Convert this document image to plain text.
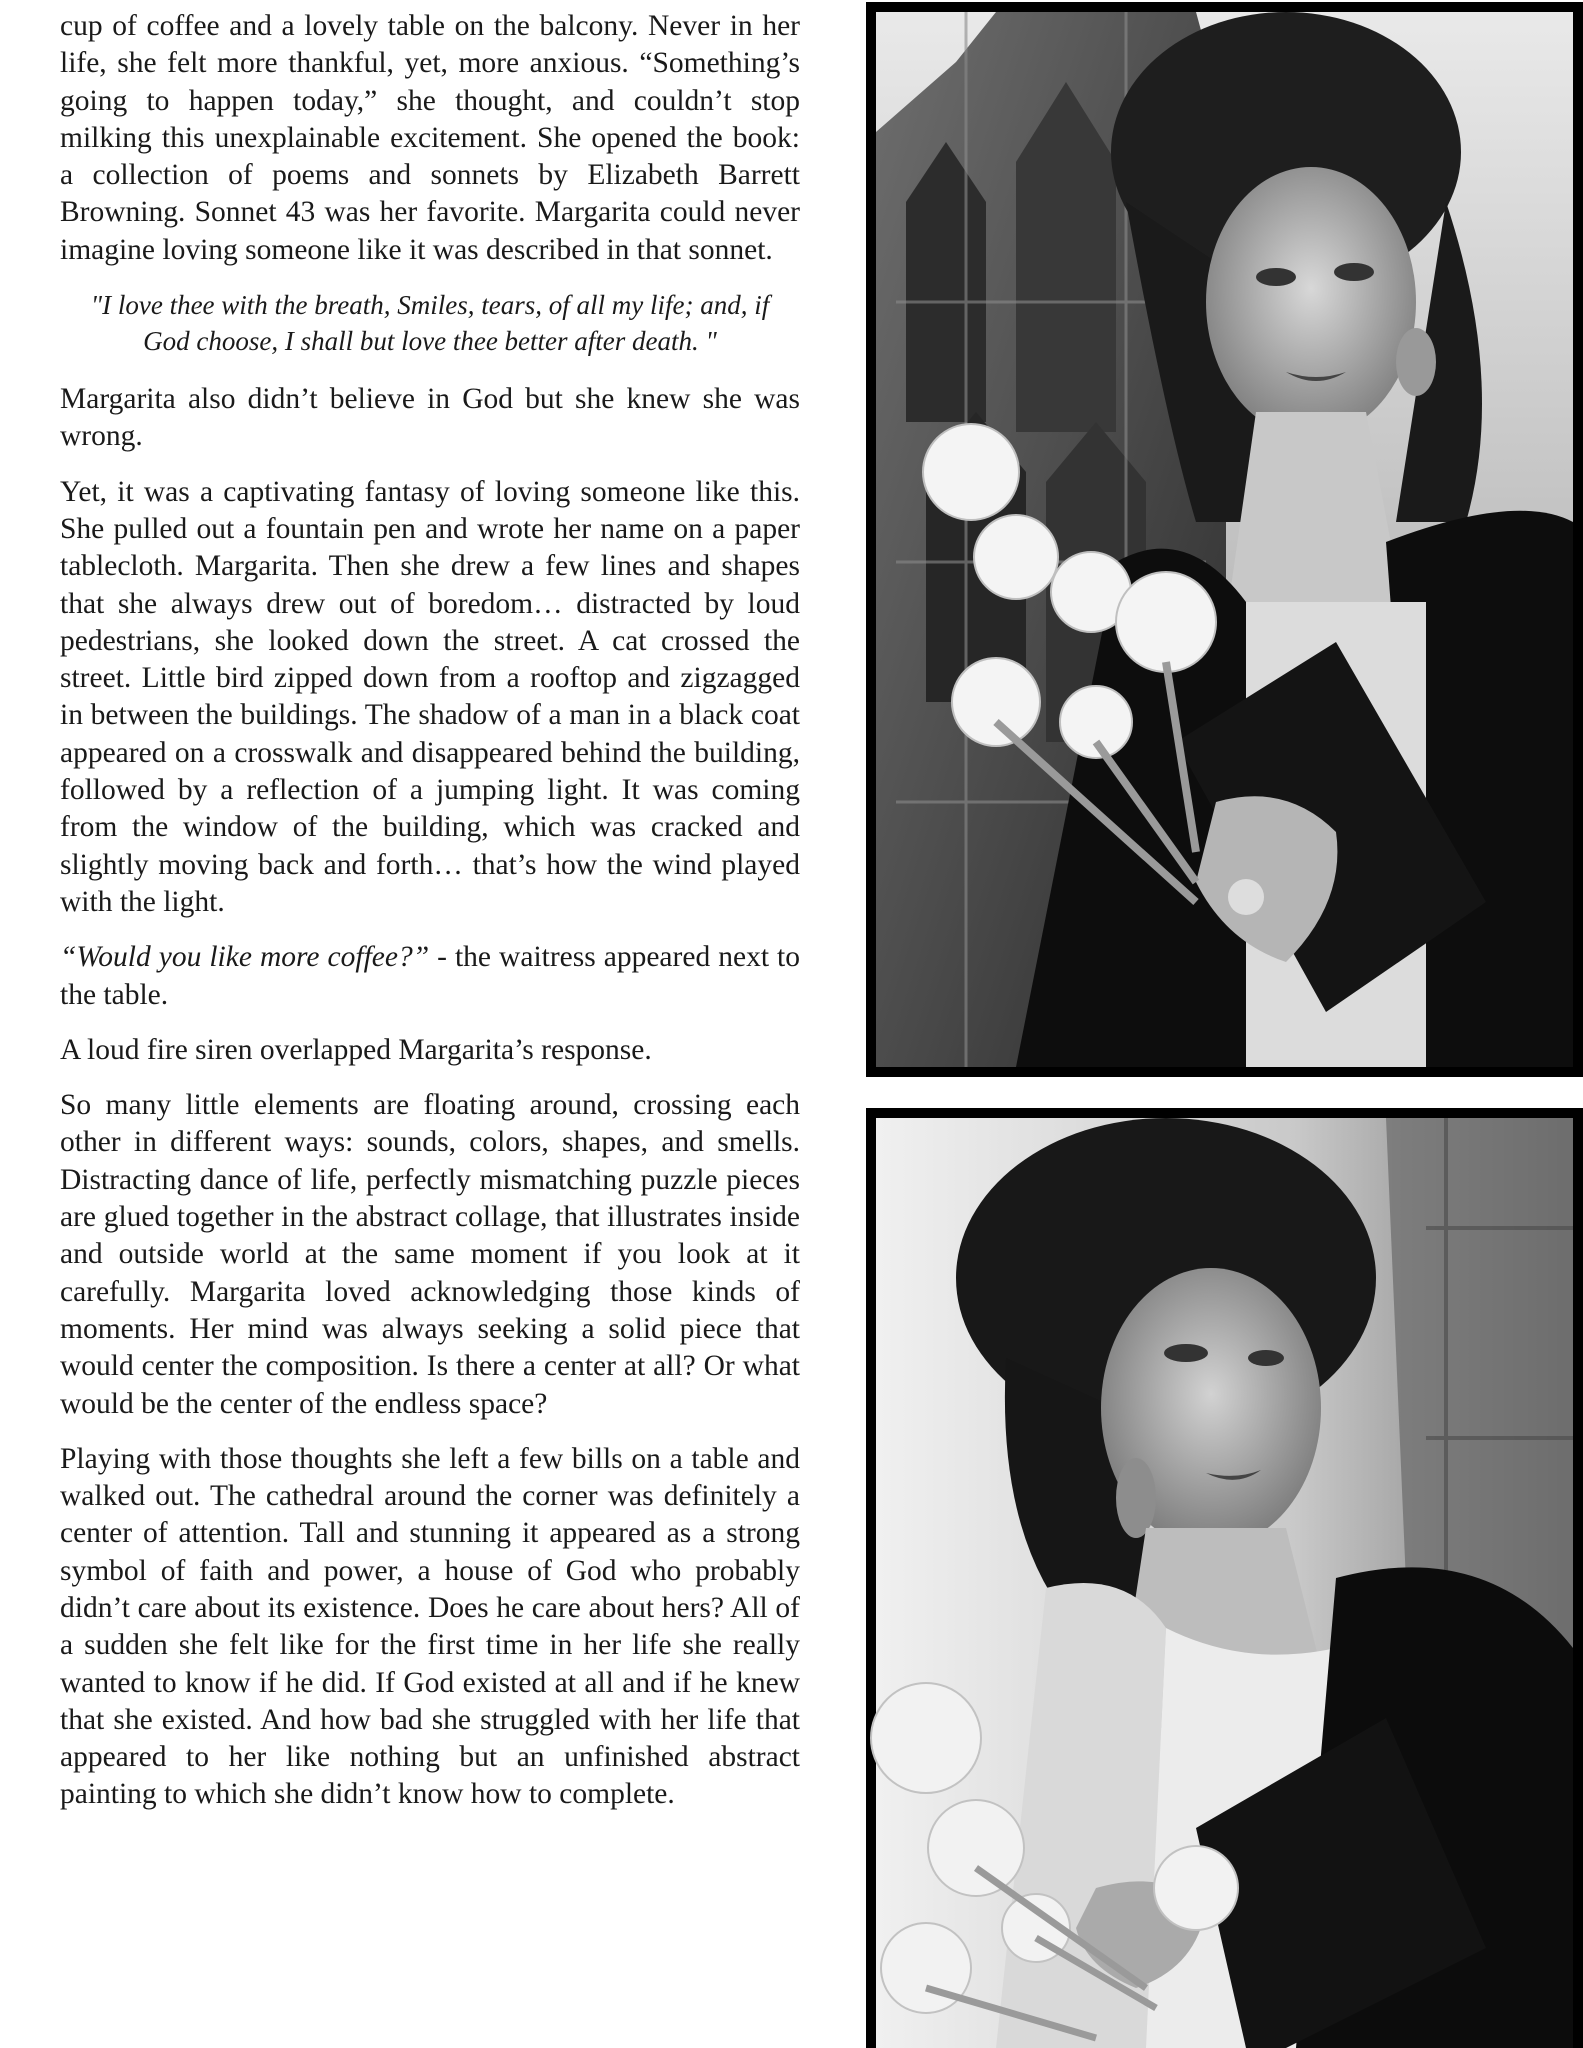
cup of coffee and a lovely table on the balcony. Never in her life, she felt more thankful, yet, more anxious. “Something’s going to happen today,” she thought, and couldn’t stop milking this unexplainable excitement. She opened the book: a collection of poems and sonnets by Elizabeth Barrett Browning. Sonnet 43 was her favorite. Margarita could never imagine loving someone like it was described in that sonnet.

"I love thee with the breath, Smiles, tears, of all my life; and, if God choose, I shall but love thee better after death. "

Margarita also didn’t believe in God but she knew she was wrong.

Yet, it was a captivating fantasy of loving someone like this. She pulled out a fountain pen and wrote her name on a paper tablecloth. Margarita. Then she drew a few lines and shapes that she always drew out of boredom… distracted by loud pedestrians, she looked down the street. A cat crossed the street. Little bird zipped down from a rooftop and zigzagged in between the buildings. The shadow of a man in a black coat appeared on a crosswalk and disappeared behind the building, followed by a reflection of a jumping light. It was coming from the window of the building, which was cracked and slightly moving back and forth… that’s how the wind played with the light.

“Would you like more coffee?” - the waitress appeared next to the table.

A loud fire siren overlapped Margarita’s response.

So many little elements are floating around, crossing each other in different ways: sounds, colors, shapes, and smells. Distracting dance of life, perfectly mismatching puzzle pieces are glued together in the abstract collage, that illustrates inside and outside world at the same moment if you look at it carefully. Margarita loved acknowledging those kinds of moments. Her mind was always seeking a solid piece that would center the composition. Is there a center at all? Or what would be the center of the endless space?

Playing with those thoughts she left a few bills on a table and walked out. The cathedral around the corner was definitely a center of attention. Tall and stunning it appeared as a strong symbol of faith and power, a house of God who probably didn’t care about its existence. Does he care about hers? All of a sudden she felt like for the first time in her life she really wanted to know if he did. If God existed at all and if he knew that she existed. And how bad she struggled with her life that appeared to her like nothing but an unfinished abstract painting to which she didn’t know how to complete.
